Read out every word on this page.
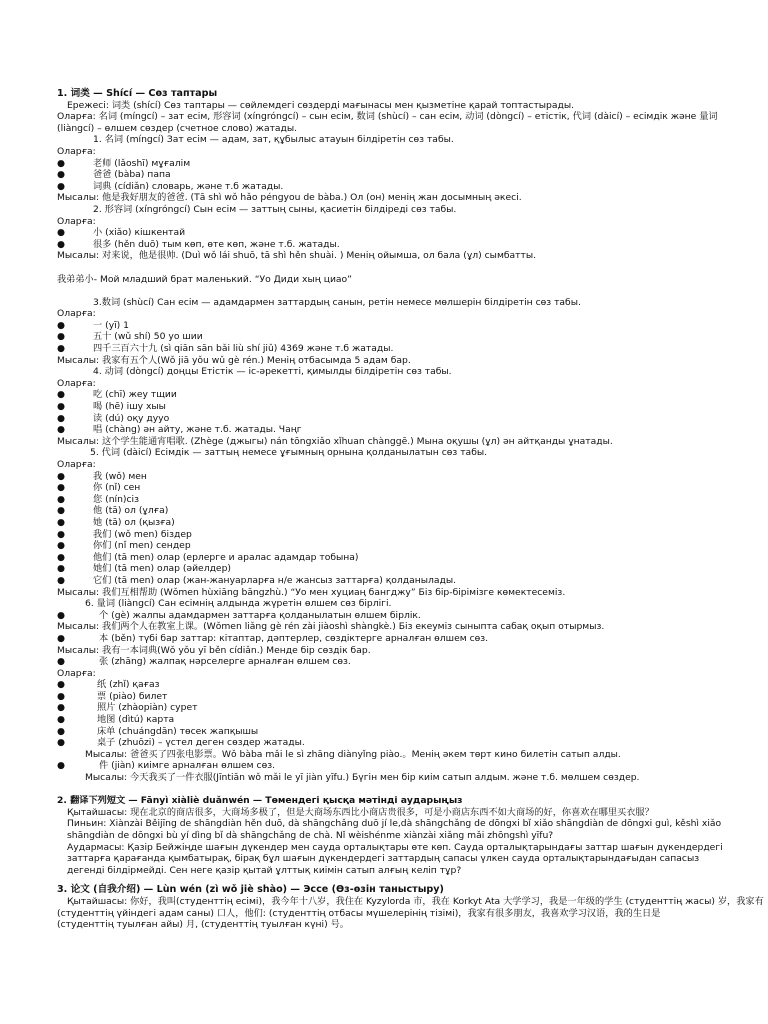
1. 词类 — Shící — Сөз таптары
Ережесі: 词类 (shící) Сөз таптары — сөйлемдегі сөздерді мағынасы мен қызметіне қарай топтастырады.
Оларға: 名词 (míngcí) – зат есім, 形容词 (xíngróngcí) – сын есім, 数词 (shùcí) – сан есім, 动词 (dòngcí) – етістік, 代词 (dàicí) – есімдік және 量词 (liàngcí) – өлшем сөздер (счетное слово) жатады.
1. 名词 (míngcí) Зат есім — адам, зат, құбылыс атауын білдіретін сөз табы.
Оларға:
●	老师 (lǎoshī) мұғалім
●	爸爸 (bàba) папа
●	词典 (cídiǎn) словарь, және т.б жатады.
Мысалы: 他是我好朋友的爸爸. (Tā shì wǒ hǎo péngyou de bàba.) Ол (он) менің жан досымның әкесі.
2. 形容词 (xíngróngcí) Сын есім — заттың сыны, қасиетін білдіреді сөз табы.
Оларға:
●	小 (xiǎo) кішкентай
●	很多 (hěn duō) тым көп, өте көп, және т.б. жатады.
Мысалы: 对来说，他是很帅. (Duì wǒ lái shuō, tā shì hěn shuài. ) Менің ойымша, ол бала (ұл) сымбатты.
我弟弟小- Мой младший брат маленький. “Уо Диди хың циао”
3.数词 (shùcí) Сан есім — адамдармен заттардың санын, ретін немесе мөлшерін білдіретін сөз табы.
Оларға:
●	一 (yī) 1
●	五十 (wǔ shí) 50 уо шии
●	四千三百六十九 (sì qiān sān bǎi liù shí jiǔ) 4369 және т.б жатады.
Мысалы: 我家有五个人(Wǒ jiā yǒu wǔ gè rén.) Менің отбасымда 5 адам бар.
4. 动词 (dòngcí) доңцы Етістік — іс-әрекетті, қимылды білдіретін сөз табы.
Оларға:
●	吃 (chī) жеу тщии
●	喝 (hē) ішу хыы
●	读 (dú) оқу дууо
●	唱 (chàng) ән айту, және т.б. жатады. Чаңг
Мысалы: 这个学生能通宵唱歌. (Zhège (джыгы) nán tōngxiǎo xǐhuan chànggē.) Мына оқушы (ұл) ән айтқанды ұнатады.
5. 代词 (dàicí) Есімдік — заттың немесе ұғымның орнына қолданылатын сөз табы.
Оларға:
●	我 (wǒ) мен
●	你 (nǐ) сен
●	您 (nín)сіз
●	他 (tā) ол (ұлға)
●	她 (tā) ол (қызға)
●	我们 (wǒ men) біздер
●	你们 (nǐ men) сендер
●	他们 (tā men) олар (ерлерге и аралас адамдар тобына)
●	她们 (tā men) олар (әйелдер)
●	它们 (tā men) олар (жан-жануарларға н/е жансыз заттарға) қолданылады.
Мысалы: 我们互相帮助 (Wǒmen hùxiāng bāngzhù.) “Уо мен хуциаң бангджу” Біз бір-бірімізге көмектесеміз.
6. 量词 (liàngcí) Сан есімнің алдында жүретін өлшем сөз бірлігі.
●	个 (gè) жалпы адамдармен заттарға қолданылатын өлшем бірлік.
Мысалы: 我们两个人在教室上课。(Wǒmen liǎng gè rén zài jiàoshì shàngkè.) Біз екеуміз сыныпта сабақ оқып отырмыз.
●	本 (běn) түбі бар заттар: кітаптар, дәптерлер, сөздіктерге арналған өлшем сөз.
Мысалы: 我有一本词典(Wǒ yǒu yī běn cídiǎn.) Менде бір сөздік бар.
●	张 (zhāng) жалпақ нәрселерге арналған өлшем сөз.
Оларға:
●	纸 (zhǐ) қағаз
●	票 (piào) билет
●	照片 (zhàopiàn) сурет
●	地图 (dìtú) карта
●	床单 (chuángdān) төсек жапқышы
●	桌子 (zhuōzi) – үстел деген сөздер жатады.
Мысалы: 爸爸买了四张电影票。Wǒ bàba mǎi le sì zhāng diànyǐng piào.。Менің әкем төрт кино билетін сатып алды.
●	件 (jiàn) киімге арналған өлшем сөз.
Мысалы: 今天我买了一件衣服(Jīntiān wǒ mǎi le yī jiàn yīfu.) Бүгін мен бір киім сатып алдым. және т.б. мөлшем сөздер.
2. 翻译下列短文 — Fānyì xiàliè duǎnwén — Төмендегі қысқа мәтінді аударыңыз
Қытайшасы: 现在北京的商店很多，大商场多极了，但是大商场东西比小商店贵很多，可是小商店东西不如大商场的好，你喜欢在哪里买衣服？
Пиньин: Xiànzài Běijīng de shāngdiàn hěn duō, dà shāngchǎng duō jí le,dà shāngchǎng de dōngxi bǐ xiǎo shāngdiàn de dōngxi guì, kěshì xiǎo shāngdiàn de dōngxi bù yí dìng bǐ dà shāngchǎng de chà. Nǐ wèishénme xiànzài xiǎng mǎi zhōngshì yīfu?
Аудармасы: Қазір Бейжіңде шағын дүкендер мен сауда орталықтары өте көп. Сауда орталықтарындағы заттар шағын дүкендердегі заттарға қарағанда қымбатырақ, бірақ бұл шағын дүкендердегі заттардың сапасы үлкен сауда орталықтарындағыдан сапасыз дегенді білдірмейді. Сен неге қазір қытай ұлттық киімін сатып алғың келіп тұр?
3. 论文 (自我介绍) — Lùn wén (zì wǒ jiè shào) — Эссе (Өз-өзін таныстыру)
Қытайшасы: 你好，我叫(студенттің есімі)，我今年十八岁，我住在 Kyzylorda 市，我在 Korkyt Ata 大学学习，我是一年级的学生 (студенттің жасы) 岁，我家有
(студенттің үйіндегі адам саны) 口人，他们: (студенттің отбасы мүшелерінің тізімі)，我家有很多朋友，我喜欢学习汉语，我的生日是
(студенттің туылған айы) 月, (студенттің туылған күні) 号。
